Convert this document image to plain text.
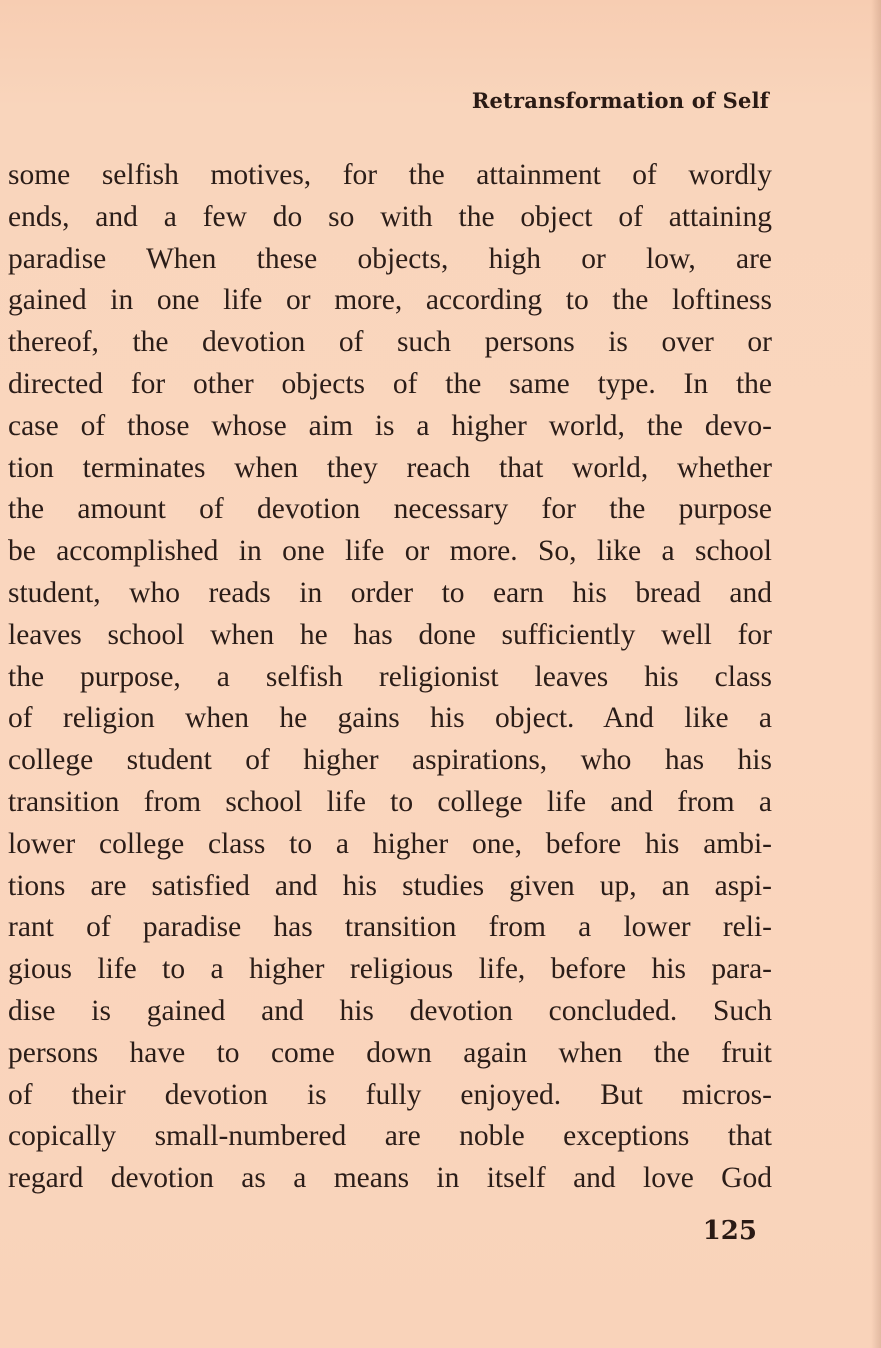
Retransformation of Self
some selfish motives, for the attainment of wordly
ends, and a few do so with the object of attaining
paradise When these objects, high or low, are
gained in one life or more, according to the loftiness
thereof, the devotion of such persons is over or
directed for other objects of the same type. In the
case of those whose aim is a higher world, the devo-
tion terminates when they reach that world, whether
the amount of devotion necessary for the purpose
be accomplished in one life or more. So, like a school
student, who reads in order to earn his bread and
leaves school when he has done sufficiently well for
the purpose, a selfish religionist leaves his class
of religion when he gains his object. And like a
college student of higher aspirations, who has his
transition from school life to college life and from a
lower college class to a higher one, before his ambi-
tions are satisfied and his studies given up, an aspi-
rant of paradise has transition from a lower reli-
gious life to a higher religious life, before his para-
dise is gained and his devotion concluded. Such
persons have to come down again when the fruit
of their devotion is fully enjoyed. But micros-
copically small-numbered are noble exceptions that
regard devotion as a means in itself and love God
125
